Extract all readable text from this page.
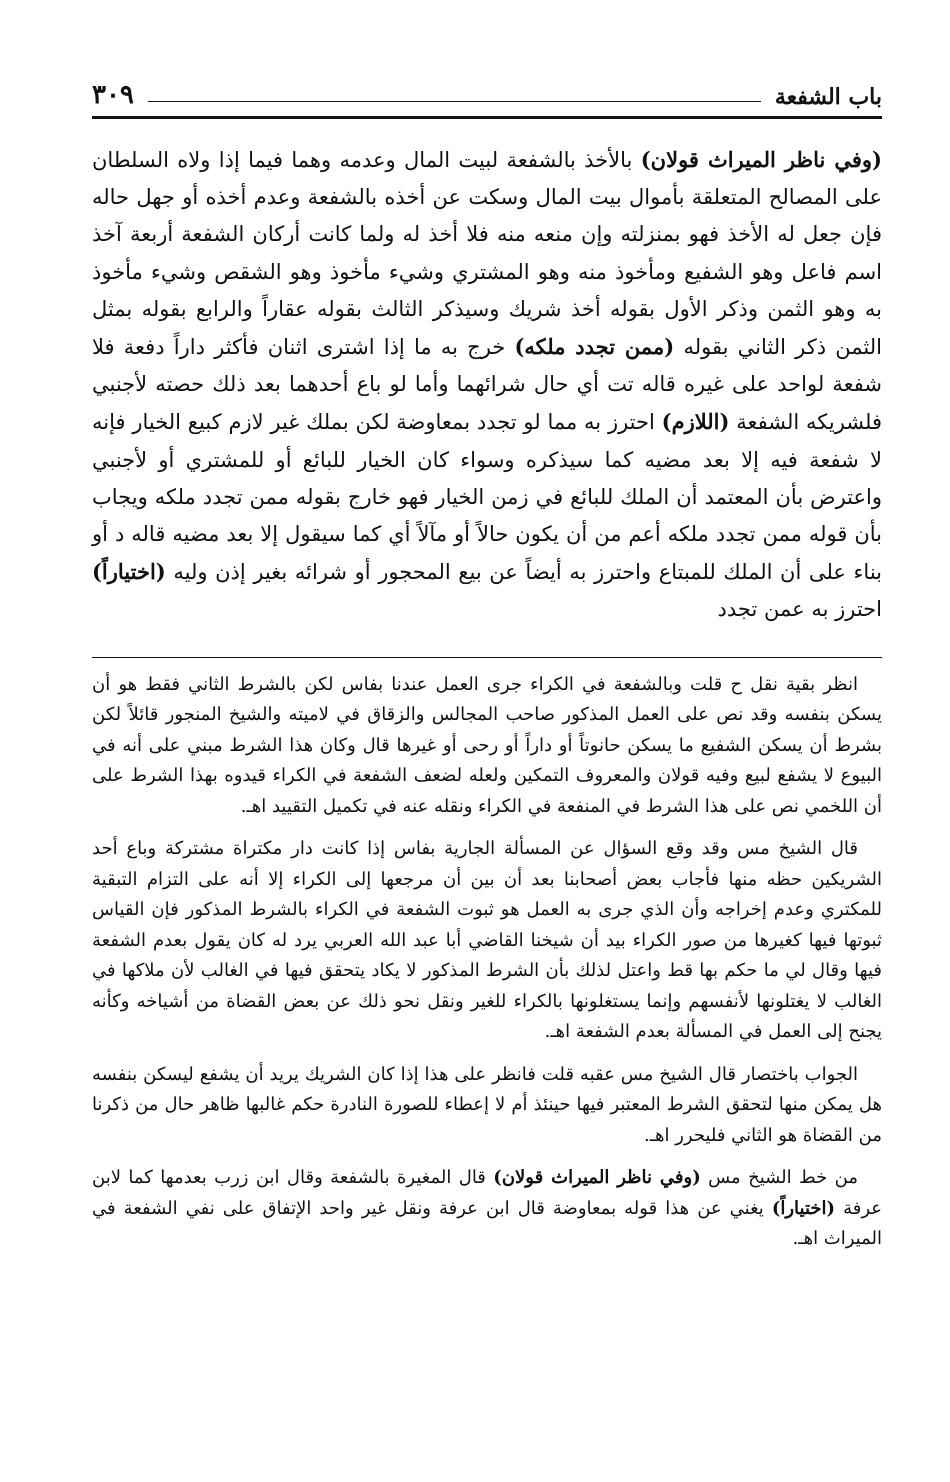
باب الشفعة
٣٠٩

(وفي ناظر الميراث قولان) بالأخذ بالشفعة لبيت المال وعدمه وهما فيما إذا ولاه السلطان على المصالح المتعلقة بأموال بيت المال وسكت عن أخذه بالشفعة وعدم أخذه أو جهل حاله فإن جعل له الأخذ فهو بمنزلته وإن منعه منه فلا أخذ له ولما كانت أركان الشفعة أربعة آخذ اسم فاعل وهو الشفيع ومأخوذ منه وهو المشتري وشيء مأخوذ وهو الشقص وشيء مأخوذ به وهو الثمن وذكر الأول بقوله أخذ شريك وسيذكر الثالث بقوله عقاراً والرابع بقوله بمثل الثمن ذكر الثاني بقوله (ممن تجدد ملكه) خرج به ما إذا اشترى اثنان فأكثر داراً دفعة فلا شفعة لواحد على غيره قاله تت أي حال شرائهما وأما لو باع أحدهما بعد ذلك حصته لأجنبي فلشريكه الشفعة (اللازم) احترز به مما لو تجدد بمعاوضة لكن بملك غير لازم كبيع الخيار فإنه لا شفعة فيه إلا بعد مضيه كما سيذكره وسواء كان الخيار للبائع أو للمشتري أو لأجنبي واعترض بأن المعتمد أن الملك للبائع في زمن الخيار فهو خارج بقوله ممن تجدد ملكه ويجاب بأن قوله ممن تجدد ملكه أعم من أن يكون حالاً أو مآلاً أي كما سيقول إلا بعد مضيه قاله د أو بناء على أن الملك للمبتاع واحترز به أيضاً عن بيع المحجور أو شرائه بغير إذن وليه (اختياراً) احترز به عمن تجدد

انظر بقية نقل ح قلت وبالشفعة في الكراء جرى العمل عندنا بفاس لكن بالشرط الثاني فقط هو أن يسكن بنفسه وقد نص على العمل المذكور صاحب المجالس والزقاق في لاميته والشيخ المنجور قائلاً لكن بشرط أن يسكن الشفيع ما يسكن حانوتاً أو داراً أو رحى أو غيرها قال وكان هذا الشرط مبني على أنه في البيوع لا يشفع لبيع وفيه قولان والمعروف التمكين ولعله لضعف الشفعة في الكراء قيدوه بهذا الشرط على أن اللخمي نص على هذا الشرط في المنفعة في الكراء ونقله عنه في تكميل التقييد اهـ.

قال الشيخ مس وقد وقع السؤال عن المسألة الجارية بفاس إذا كانت دار مكتراة مشتركة وباع أحد الشريكين حظه منها فأجاب بعض أصحابنا بعد أن بين أن مرجعها إلى الكراء إلا أنه على التزام التبقية للمكتري وعدم إخراجه وأن الذي جرى به العمل هو ثبوت الشفعة في الكراء بالشرط المذكور فإن القياس ثبوتها فيها كغيرها من صور الكراء بيد أن شيخنا القاضي أبا عبد الله العربي يرد له كان يقول بعدم الشفعة فيها وقال لي ما حكم بها قط واعتل لذلك بأن الشرط المذكور لا يكاد يتحقق فيها في الغالب لأن ملاكها في الغالب لا يغتلونها لأنفسهم وإنما يستغلونها بالكراء للغير ونقل نحو ذلك عن بعض القضاة من أشياخه وكأنه يجنح إلى العمل في المسألة بعدم الشفعة اهـ.

الجواب باختصار قال الشيخ مس عقبه قلت فانظر على هذا إذا كان الشريك يريد أن يشفع ليسكن بنفسه هل يمكن منها لتحقق الشرط المعتبر فيها حينئذ أم لا إعطاء للصورة النادرة حكم غالبها ظاهر حال من ذكرنا من القضاة هو الثاني فليحرر اهـ.

من خط الشيخ مس (وفي ناظر الميراث قولان) قال المغيرة بالشفعة وقال ابن زرب بعدمها كما لابن عرفة (اختياراً) يغني عن هذا قوله بمعاوضة قال ابن عرفة ونقل غير واحد الإتفاق على نفي الشفعة في الميراث اهـ.
